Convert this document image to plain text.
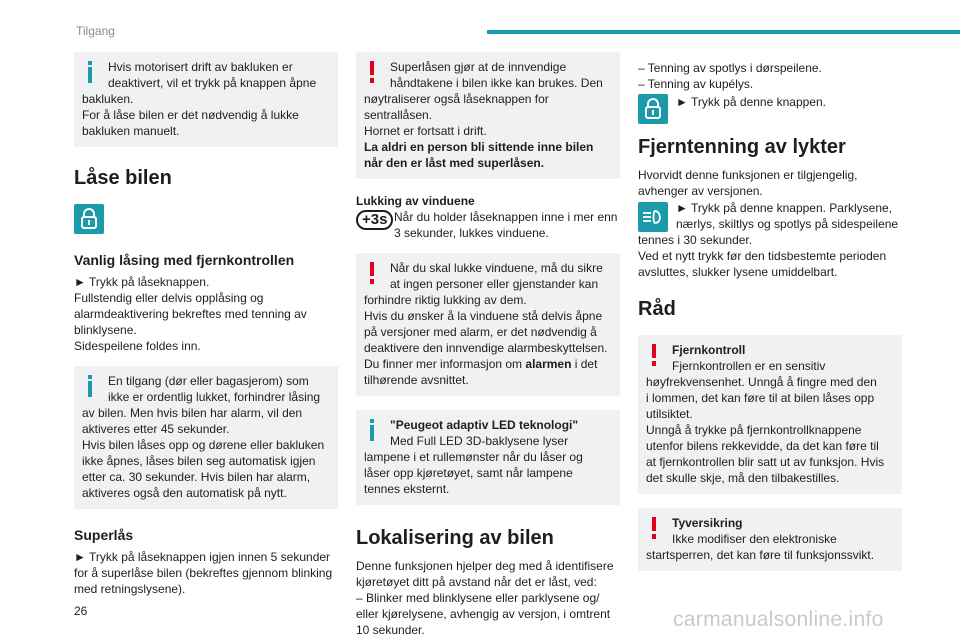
Tilgang

Hvis motorisert drift av bakluken er

deaktivert, vil et trykk på knappen åpne

bakluken.

For å låse bilen er det nødvendig å lukke

bakluken manuelt.

Låse bilen
Vanlig låsing med fjernkontrollen

► Trykk på låseknappen.

Fullstendig eller delvis opplåsing og

alarmdeaktivering bekreftes med tenning av

blinklysene.

Sidespeilene foldes inn.

En tilgang (dør eller bagasjerom) som

ikke er ordentlig lukket, forhindrer låsing

av bilen. Men hvis bilen har alarm, vil den

aktiveres etter 45 sekunder.

Hvis bilen låses opp og dørene eller bakluken

ikke åpnes, låses bilen seg automatisk igjen

etter ca. 30 sekunder. Hvis bilen har alarm,

aktiveres også den automatisk på nytt.

Superlås

► Trykk på låseknappen igjen innen 5 sekunder

for å superlåse bilen (bekreftes gjennom blinking

med retningslysene).

Superlåsen gjør at de innvendige

håndtakene i bilen ikke kan brukes. Den

nøytraliserer også låseknappen for

sentrallåsen.

Hornet er fortsatt i drift.

La aldri en person bli sittende inne bilen

når den er låst med superlåsen.

Lukking av vinduene

+3s Når du holder låseknappen inne i mer enn

3 sekunder, lukkes vinduene.

Når du skal lukke vinduene, må du sikre

at ingen personer eller gjenstander kan

forhindre riktig lukking av dem.

Hvis du ønsker å la vinduene stå delvis åpne

på versjoner med alarm, er det nødvendig å

deaktivere den innvendige alarmbeskyttelsen.

Du finner mer informasjon om alarmen i det

tilhørende avsnittet.

"Peugeot adaptiv LED teknologi"

Med Full LED 3D-baklysene lyser

lampene i et rullemønster når du låser og

låser opp kjøretøyet, samt når lampene

tennes eksternt.

Lokalisering av bilen

Denne funksjonen hjelper deg med å identifisere

kjøretøyet ditt på avstand når det er låst, ved:

– Blinker med blinklysene eller parklysene og/

eller kjørelysene, avhengig av versjon, i omtrent

10 sekunder.

– Tenning av spotlys i dørspeilene.

– Tenning av kupélys.

► Trykk på denne knappen.

Fjerntenning av lykter

Hvorvidt denne funksjonen er tilgjengelig,

avhenger av versjonen.

► Trykk på denne knappen. Parklysene,

nærlys, skiltlys og spotlys på sidespeilene

tennes i 30 sekunder.

Ved et nytt trykk før den tidsbestemte perioden

avsluttes, slukker lysene umiddelbart.

Råd

Fjernkontroll

Fjernkontrollen er en sensitiv

høyfrekvensenhet. Unngå å fingre med den

i lommen, det kan føre til at bilen låses opp

utilsiktet.

Unngå å trykke på fjernkontrollknappene

utenfor bilens rekkevidde, da det kan føre til

at fjernkontrollen blir satt ut av funksjon. Hvis

det skulle skje, må den tilbakestilles.

Tyversikring

Ikke modifiser den elektroniske

startsperren, det kan føre til funksjonssvikt.

26	carmanualsonline.info
